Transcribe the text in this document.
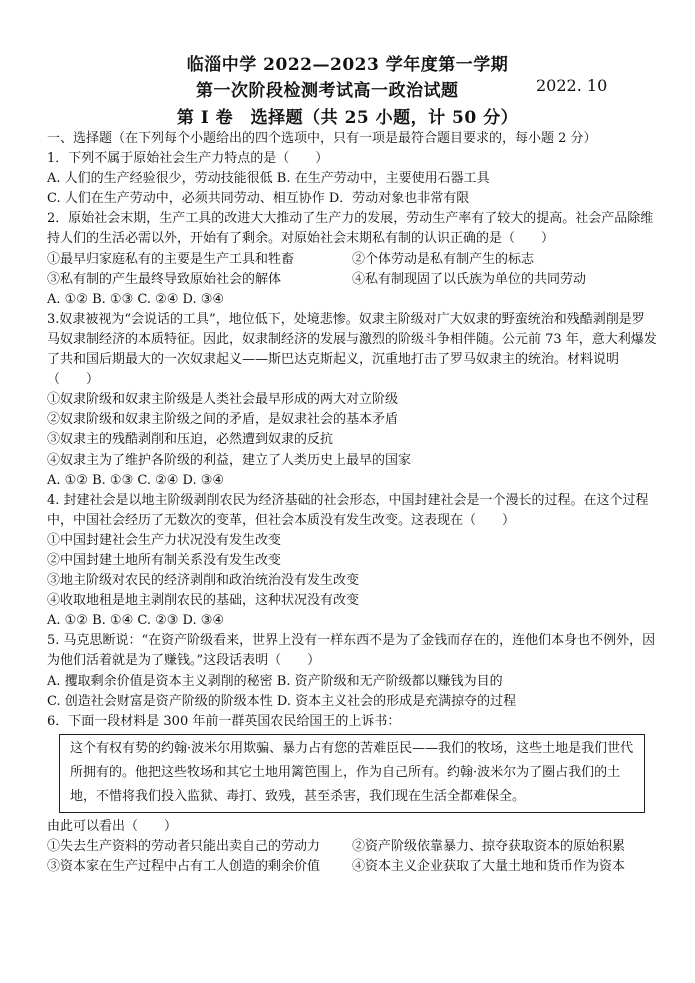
临淄中学 2022—2023 学年度第一学期
第一次阶段检测考试高一政治试题	2022. 10
第 Ⅰ 卷　选择题（共 25 小题，计 50 分）
一、选择题（在下列每个小题给出的四个选项中，只有一项是最符合题目要求的，每小题 2 分）
1．下列不属于原始社会生产力特点的是（　　）
A. 人们的生产经验很少，劳动技能很低 B. 在生产劳动中，主要使用石器工具
C. 人们在生产劳动中，必须共同劳动、相互协作 D．劳动对象也非常有限
2．原始社会末期，生产工具的改进大大推动了生产力的发展，劳动生产率有了较大的提高。社会产品除维持人们的生活必需以外，开始有了剩余。对原始社会末期私有制的认识正确的是（　　）
①最早归家庭私有的主要是生产工具和牲畜	②个体劳动是私有制产生的标志
③私有制的产生最终导致原始社会的解体	④私有制现固了以氏族为单位的共同劳动
A. ①② B. ①③ C. ②④ D. ③④
3.奴隶被视为“会说话的工具”，地位低下，处境悲惨。奴隶主阶级对广大奴隶的野蛮统治和残酷剥削是罗马奴隶制经济的本质特征。因此，奴隶制经济的发展与激烈的阶级斗争相伴随。公元前 73 年，意大利爆发了共和国后期最大的一次奴隶起义——斯巴达克斯起义，沉重地打击了罗马奴隶主的统治。材料说明（　　）
①奴隶阶级和奴隶主阶级是人类社会最早形成的两大对立阶级
②奴隶阶级和奴隶主阶级之间的矛盾，是奴隶社会的基本矛盾
③奴隶主的残酷剥削和压迫，必然遭到奴隶的反抗
④奴隶主为了维护各阶级的利益，建立了人类历史上最早的国家
A. ①② B. ①③ C. ②④ D. ③④
4. 封建社会是以地主阶级剥削农民为经济基础的社会形态，中国封建社会是一个漫长的过程。在这个过程中，中国社会经历了无数次的变革，但社会本质没有发生改变。这表现在（　　）
①中国封建社会生产力状况没有发生改变
②中国封建土地所有制关系没有发生改变
③地主阶级对农民的经济剥削和政治统治没有发生改变
④收取地租是地主剥削农民的基础，这种状况没有改变
A. ①② B. ①④ C. ②③ D. ③④
5. 马克思断说：“在资产阶级看来，世界上没有一样东西不是为了金钱而存在的，连他们本身也不例外，因为他们活着就是为了赚钱。”这段话表明（　　）
A. 攫取剩余价值是资本主义剥削的秘密 B. 资产阶级和无产阶级都以赚钱为目的
C. 创造社会财富是资产阶级的阶级本性 D. 资本主义社会的形成是充满掠夺的过程
6．下面一段材料是 300 年前一群英国农民给国王的上诉书：
这个有权有势的约翰·波米尔用欺骗、暴力占有您的苦难臣民——我们的牧场，这些土地是我们世代所拥有的。他把这些牧场和其它土地用篱笆围上，作为自己所有。约翰·波米尔为了圈占我们的土地，不惜将我们投入监狱、毒打、致残，甚至杀害，我们现在生活全都难保全。
由此可以看出（　　）
①失去生产资料的劳动者只能出卖自己的劳动力	②资产阶级依靠暴力、掠夺获取资本的原始积累
③资本家在生产过程中占有工人创造的剩余价值	④资本主义企业获取了大量土地和货币作为资本
